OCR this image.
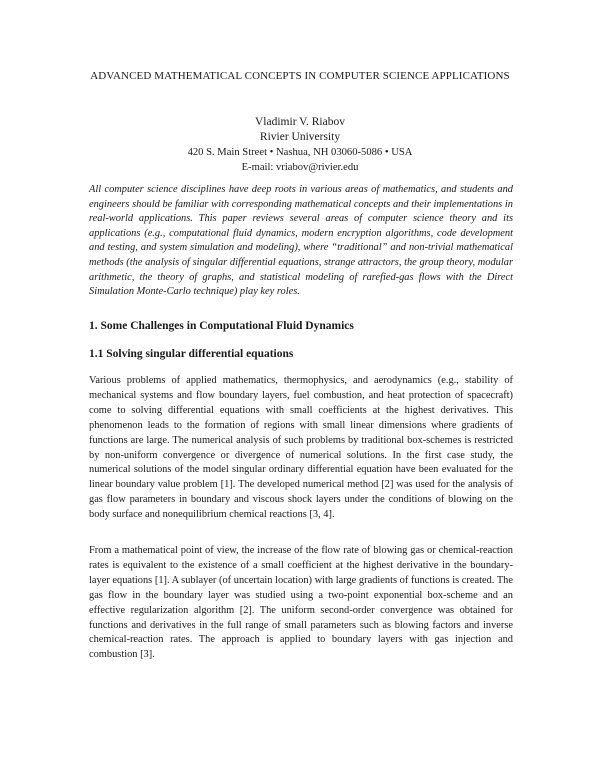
ADVANCED MATHEMATICAL CONCEPTS IN COMPUTER SCIENCE APPLICATIONS
Vladimir V. Riabov
Rivier University
420 S. Main Street • Nashua, NH 03060-5086 • USA
E-mail: vriabov@rivier.edu

All computer science disciplines have deep roots in various areas of mathematics, and students and engineers should be familiar with corresponding mathematical concepts and their implementations in real-world applications. This paper reviews several areas of computer science theory and its applications (e.g., computational fluid dynamics, modern encryption algorithms, code development and testing, and system simulation and modeling), where “traditional” and non-trivial mathematical methods (the analysis of singular differential equations, strange attractors, the group theory, modular arithmetic, the theory of graphs, and statistical modeling of rarefied-gas flows with the Direct Simulation Monte-Carlo technique) play key roles.

1. Some Challenges in Computational Fluid Dynamics
1.1 Solving singular differential equations

Various problems of applied mathematics, thermophysics, and aerodynamics (e.g., stability of mechanical systems and flow boundary layers, fuel combustion, and heat protection of spacecraft) come to solving differential equations with small coefficients at the highest derivatives. This phenomenon leads to the formation of regions with small linear dimensions where gradients of functions are large. The numerical analysis of such problems by traditional box-schemes is restricted by non-uniform convergence or divergence of numerical solutions. In the first case study, the numerical solutions of the model singular ordinary differential equation have been evaluated for the linear boundary value problem [1]. The developed numerical method [2] was used for the analysis of gas flow parameters in boundary and viscous shock layers under the conditions of blowing on the body surface and nonequilibrium chemical reactions [3, 4].

From a mathematical point of view, the increase of the flow rate of blowing gas or chemical-reaction rates is equivalent to the existence of a small coefficient at the highest derivative in the boundary-layer equations [1]. A sublayer (of uncertain location) with large gradients of functions is created. The gas flow in the boundary layer was studied using a two-point exponential box-scheme and an effective regularization algorithm [2]. The uniform second-order convergence was obtained for functions and derivatives in the full range of small parameters such as blowing factors and inverse chemical-reaction rates. The approach is applied to boundary layers with gas injection and combustion [3].
